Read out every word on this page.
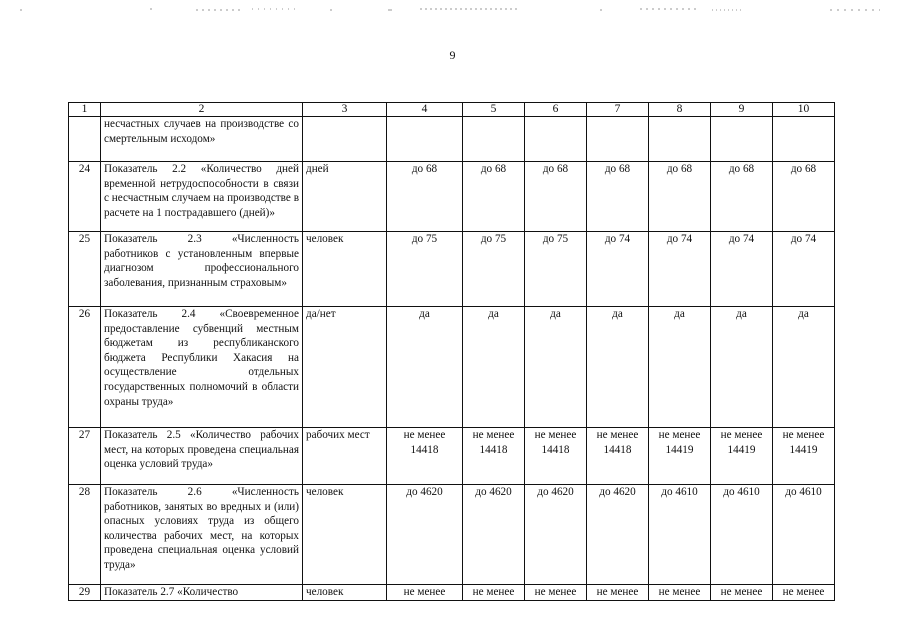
9
1	2	3	4	5	6	7	8	9	10
	несчастных случаев на производстве со смертельным исходом»								
24	Показатель 2.2 «Количество дней временной нетрудоспособности в связи с несчастным случаем на производстве в расчете на 1 пострадавшего (дней)»	дней	до 68	до 68	до 68	до 68	до 68	до 68	до 68
25	Показатель 2.3 «Численность работников с установленным впервые диагнозом профессионального заболевания, признанным страховым»	человек	до 75	до 75	до 75	до 74	до 74	до 74	до 74
26	Показатель 2.4 «Своевременное предоставление субвенций местным бюджетам из республиканского бюджета Республики Хакасия на осуществление отдельных государственных полномочий в области охраны труда»	да/нет	да	да	да	да	да	да	да
27	Показатель 2.5 «Количество рабочих мест, на которых проведена специальная оценка условий труда»	рабочих мест	не менее 14418	не менее 14418	не менее 14418	не менее 14418	не менее 14419	не менее 14419	не менее 14419
28	Показатель 2.6 «Численность работников, занятых во вредных и (или) опасных условиях труда из общего количества рабочих мест, на которых проведена специальная оценка условий труда»	человек	до 4620	до 4620	до 4620	до 4620	до 4610	до 4610	до 4610
29	Показатель 2.7 «Количество	человек	не менее	не менее	не менее	не менее	не менее	не менее	не менее
